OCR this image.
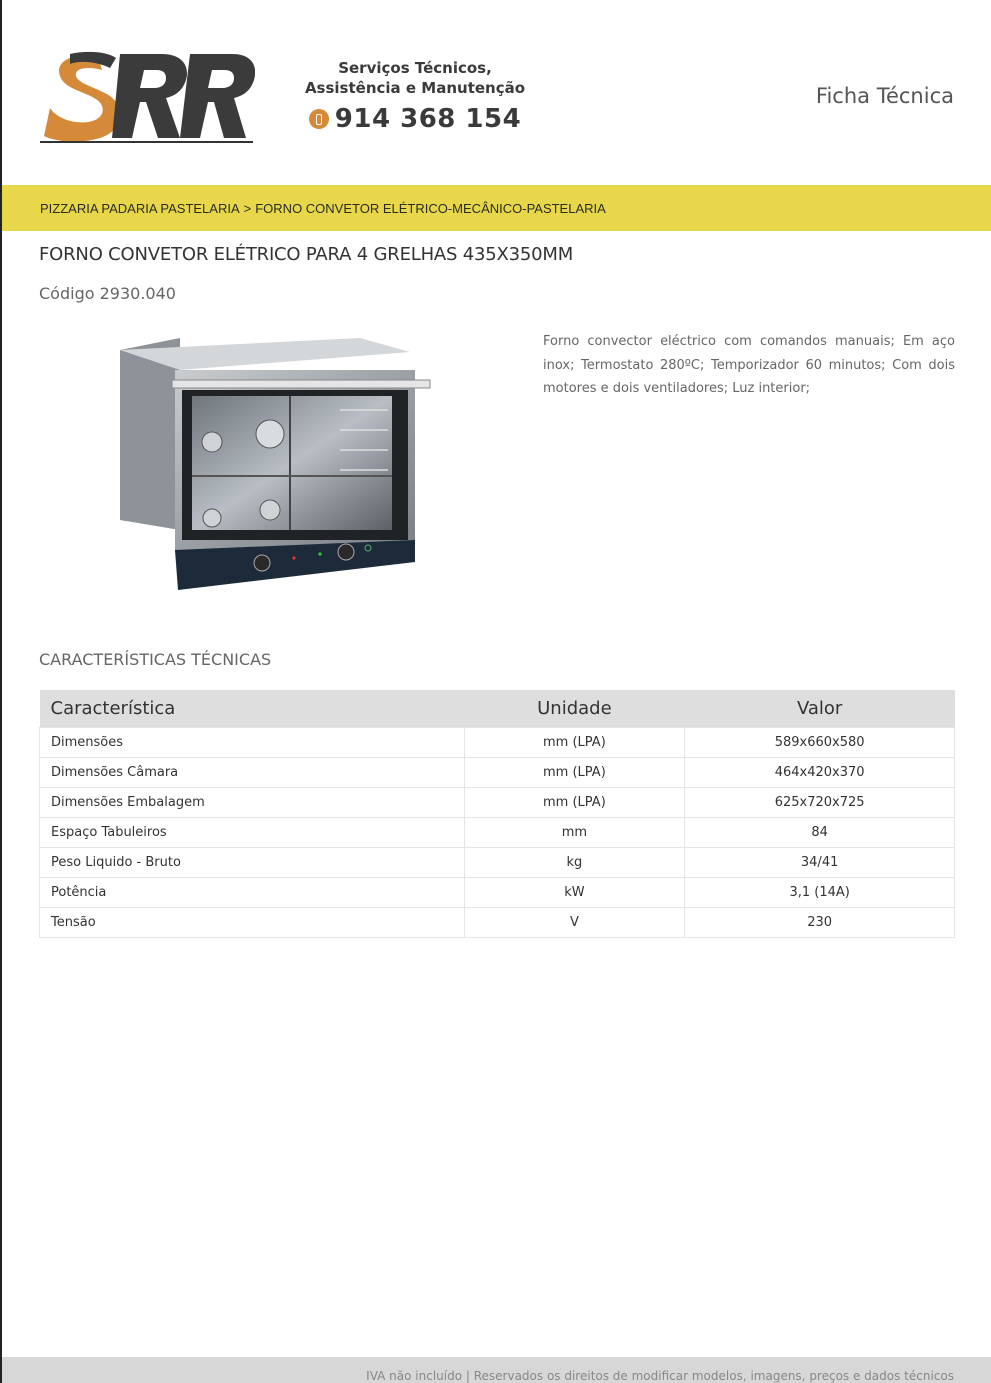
Serviços Técnicos,
Assistência e Manutenção
914 368 154
Ficha Técnica
PIZZARIA PADARIA PASTELARIA > FORNO CONVETOR ELÉTRICO-MECÂNICO-PASTELARIA
FORNO CONVETOR ELÉTRICO PARA 4 GRELHAS 435X350MM
Código 2930.040
Forno convector eléctrico com comandos manuais; Em aço inox; Termostato 280ºC; Temporizador 60 minutos; Com dois motores e dois ventiladores; Luz interior;
CARACTERÍSTICAS TÉCNICAS
Característica	Unidade	Valor
Dimensões	mm (LPA)	589x660x580
Dimensões Câmara	mm (LPA)	464x420x370
Dimensões Embalagem	mm (LPA)	625x720x725
Espaço Tabuleiros	mm	84
Peso Liquido - Bruto	kg	34/41
Potência	kW	3,1 (14A)
Tensão	V	230
IVA não incluído | Reservados os direitos de modificar modelos, imagens, preços e dados técnicos
